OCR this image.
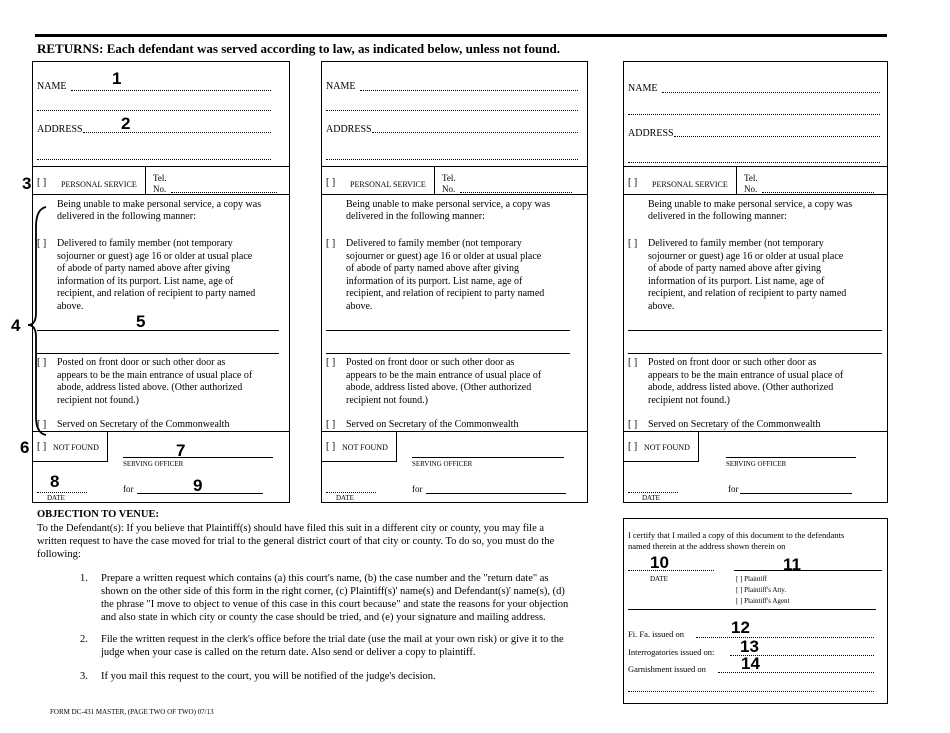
RETURNS: Each defendant was served according to law, as indicated below, unless not found.
NAME
ADDRESS
[ ] PERSONAL SERVICE
Tel.
No.
Being unable to make personal service, a copy was
delivered in the following manner:
[ ] Delivered to family member (not temporary
sojourner or guest) age 16 or older at usual place
of abode of party named above after giving
information of its purport. List name, age of
recipient, and relation of recipient to party named
above.
[ ] Posted on front door or such other door as
appears to be the main entrance of usual place of
abode, address listed above. (Other authorized
recipient not found.)
[ ] Served on Secretary of the Commonwealth
[ ] NOT FOUND
SERVING OFFICER
DATE
for
NAME
ADDRESS
[ ] PERSONAL SERVICE
Tel.
No.
Being unable to make personal service, a copy was
delivered in the following manner:
[ ] Delivered to family member (not temporary
sojourner or guest) age 16 or older at usual place
of abode of party named above after giving
information of its purport. List name, age of
recipient, and relation of recipient to party named
above.
[ ] Posted on front door or such other door as
appears to be the main entrance of usual place of
abode, address listed above. (Other authorized
recipient not found.)
[ ] Served on Secretary of the Commonwealth
[ ] NOT FOUND
SERVING OFFICER
DATE
for
NAME
ADDRESS
[ ] PERSONAL SERVICE
Tel.
No.
Being unable to make personal service, a copy was
delivered in the following manner:
[ ] Delivered to family member (not temporary
sojourner or guest) age 16 or older at usual place
of abode of party named above after giving
information of its purport. List name, age of
recipient, and relation of recipient to party named
above.
[ ] Posted on front door or such other door as
appears to be the main entrance of usual place of
abode, address listed above. (Other authorized
recipient not found.)
[ ] Served on Secretary of the Commonwealth
[ ] NOT FOUND
SERVING OFFICER
DATE
for
OBJECTION TO VENUE:
To the Defendant(s): If you believe that Plaintiff(s) should have filed this suit in a different city or county, you may file a
written request to have the case moved for trial to the general district court of that city or county. To do so, you must do the
following:
1. Prepare a written request which contains (a) this court's name, (b) the case number and the "return date" as
shown on the other side of this form in the right corner, (c) Plaintiff(s)' name(s) and Defendant(s)' name(s), (d)
the phrase "I move to object to venue of this case in this court because" and state the reasons for your objection
and also state in which city or county the case should be tried, and (e) your signature and mailing address.
2. File the written request in the clerk's office before the trial date (use the mail at your own risk) or give it to the
judge when your case is called on the return date. Also send or deliver a copy to plaintiff.
3. If you mail this request to the court, you will be notified of the judge's decision.
FORM DC-431 MASTER, (PAGE TWO OF TWO) 07/13
I certify that I mailed a copy of this document to the defendants
named therein at the address shown therein on
DATE	[ ] Plaintiff
[ ] Plaintiff's Atty.
[ ] Plaintiff's Agent
Fi. Fa. issued on
Interrogatories issued on:
Garnishment issued on
1
2
3
4	5
6	7
8	9
10	11
12
13
14
